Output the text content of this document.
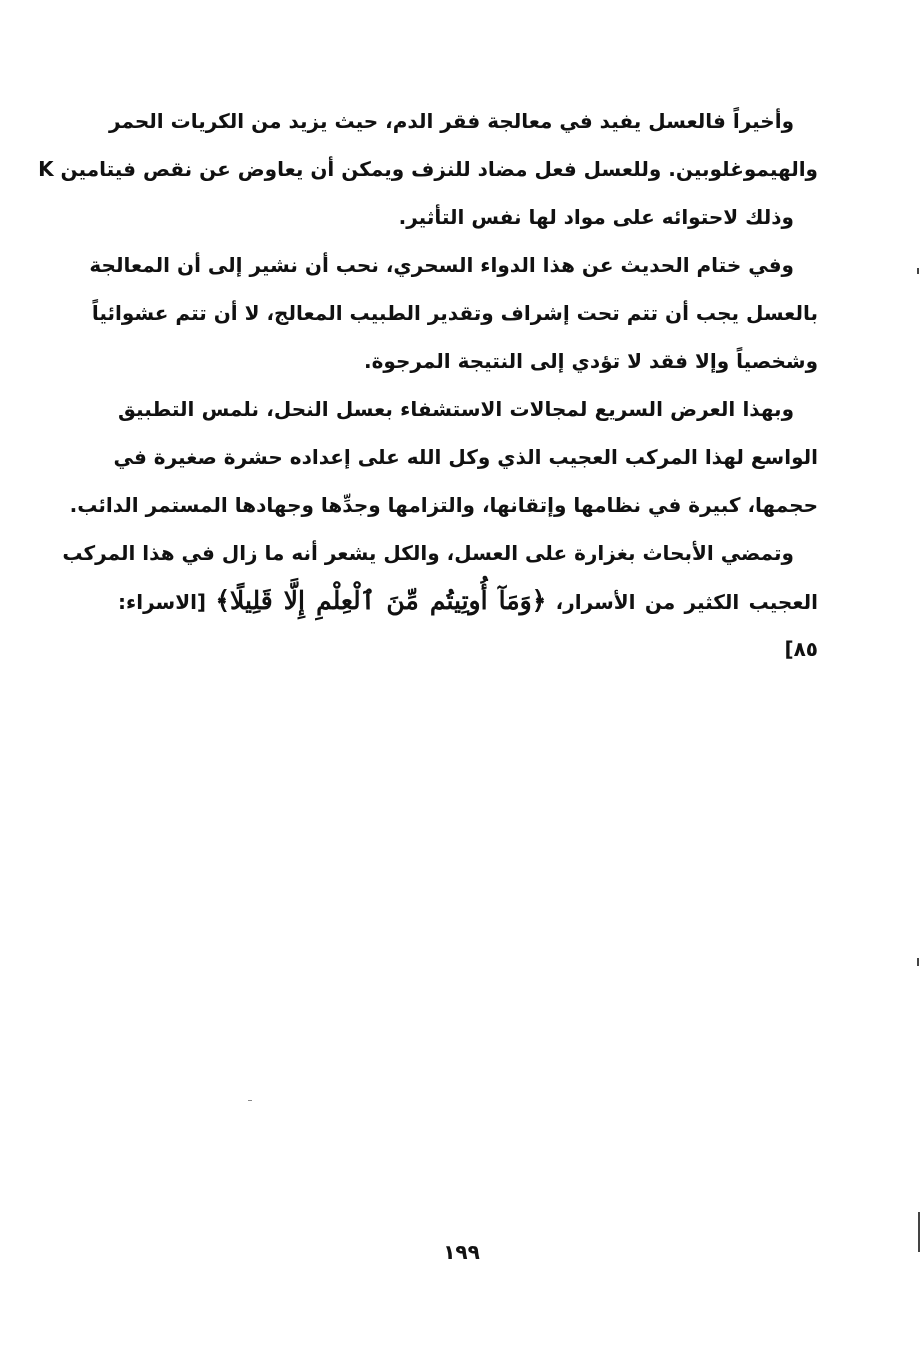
وأخيراً فالعسل يفيد في معالجة فقر الدم، حيث يزيد من الكريات الحمر
والهيموغلوبين. وللعسل فعل مضاد للنزف ويمكن أن يعاوض عن نقص فيتامين K
وذلك لاحتوائه على مواد لها نفس التأثير.
وفي ختام الحديث عن هذا الدواء السحري، نحب أن نشير إلى أن المعالجة
بالعسل يجب أن تتم تحت إشراف وتقدير الطبيب المعالج، لا أن تتم عشوائياً
وشخصياً وإلا فقد لا تؤدي إلى النتيجة المرجوة.
وبهذا العرض السريع لمجالات الاستشفاء بعسل النحل، نلمس التطبيق
الواسع لهذا المركب العجيب الذي وكل الله على إعداده حشرة صغيرة في
حجمها، كبيرة في نظامها وإتقانها، والتزامها وجدِّها وجهادها المستمر الدائب.
وتمضي الأبحاث بغزارة على العسل، والكل يشعر أنه ما زال في هذا المركب
العجيب الكثير من الأسرار، ﴿وَمَآ أُوتِيتُم مِّنَ ٱلْعِلْمِ إِلَّا قَلِيلًا﴾ [الاسراء:
٨٥]
١٩٩
